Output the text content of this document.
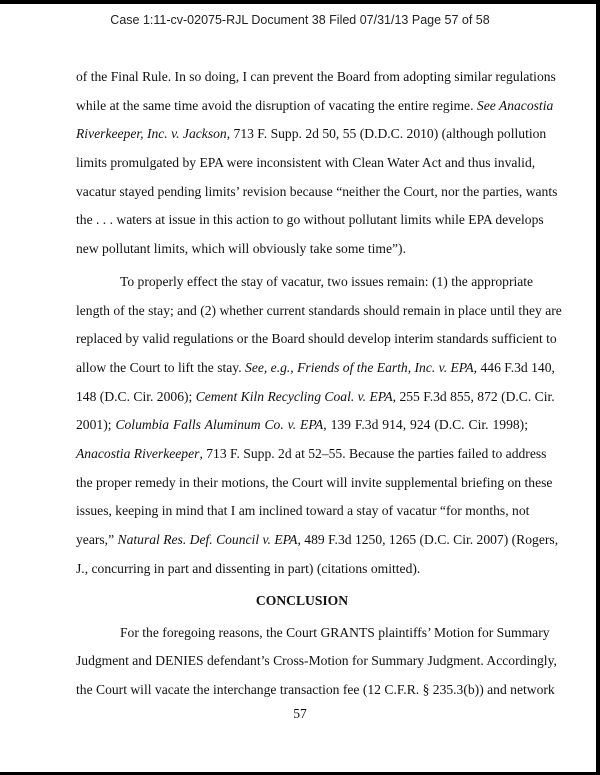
Case 1:11-cv-02075-RJL Document 38 Filed 07/31/13 Page 57 of 58
of the Final Rule. In so doing, I can prevent the Board from adopting similar regulations
while at the same time avoid the disruption of vacating the entire regime. See Anacostia
Riverkeeper, Inc. v. Jackson, 713 F. Supp. 2d 50, 55 (D.D.C. 2010) (although pollution
limits promulgated by EPA were inconsistent with Clean Water Act and thus invalid,
vacatur stayed pending limits’ revision because “neither the Court, nor the parties, wants
the . . . waters at issue in this action to go without pollutant limits while EPA develops
new pollutant limits, which will obviously take some time”).
To properly effect the stay of vacatur, two issues remain: (1) the appropriate
length of the stay; and (2) whether current standards should remain in place until they are
replaced by valid regulations or the Board should develop interim standards sufficient to
allow the Court to lift the stay. See, e.g., Friends of the Earth, Inc. v. EPA, 446 F.3d 140,
148 (D.C. Cir. 2006); Cement Kiln Recycling Coal. v. EPA, 255 F.3d 855, 872 (D.C. Cir.
2001); Columbia Falls Aluminum Co. v. EPA, 139 F.3d 914, 924 (D.C. Cir. 1998);
Anacostia Riverkeeper, 713 F. Supp. 2d at 52–55. Because the parties failed to address
the proper remedy in their motions, the Court will invite supplemental briefing on these
issues, keeping in mind that I am inclined toward a stay of vacatur “for months, not
years,” Natural Res. Def. Council v. EPA, 489 F.3d 1250, 1265 (D.C. Cir. 2007) (Rogers,
J., concurring in part and dissenting in part) (citations omitted).
CONCLUSION
For the foregoing reasons, the Court GRANTS plaintiffs’ Motion for Summary
Judgment and DENIES defendant’s Cross-Motion for Summary Judgment. Accordingly,
the Court will vacate the interchange transaction fee (12 C.F.R. § 235.3(b)) and network
57
